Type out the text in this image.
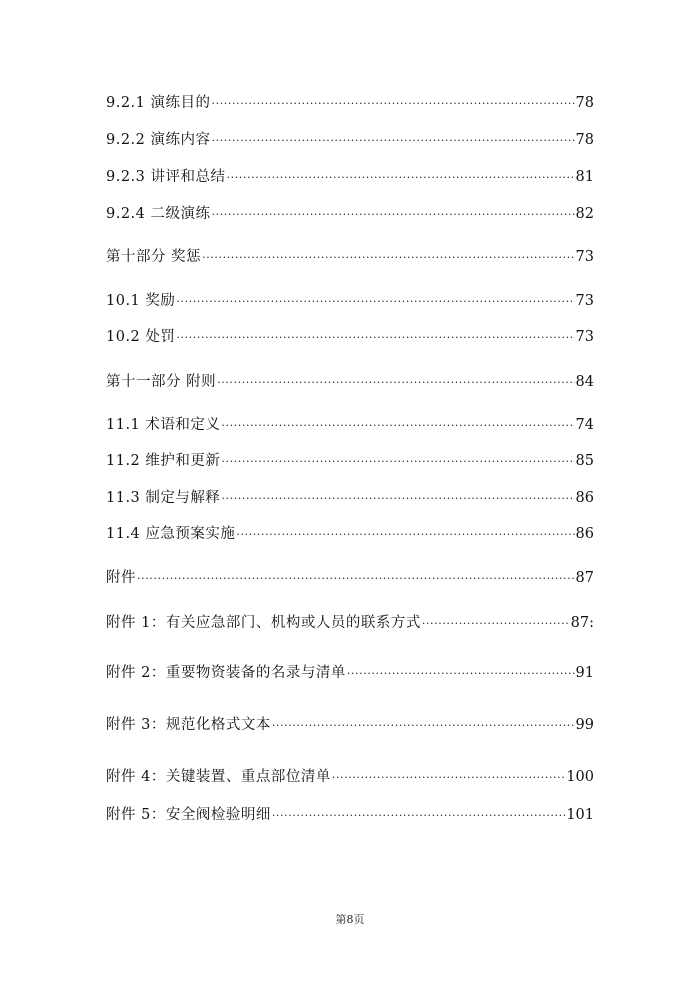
9.2.1 演练目的 ·····	78
9.2.2 演练内容 ·····	78
9.2.3 讲评和总结 ·····	81
9.2.4 二级演练 ·····	82
第十部分 奖惩 ·····	73
10.1 奖励 ·····	73
10.2 处罚 ·····	73
第十一部分 附则 ·····	84
11.1 术语和定义 ·····	74
11.2 维护和更新 ·····	85
11.3 制定与解释 ·····	86
11.4 应急预案实施 ·····	86
附件 ·····	87
附件 1：有关应急部门、机构或人员的联系方式 ·····	87:
附件 2：重要物资装备的名录与清单 ·····	91
附件 3：规范化格式文本 ·····	99
附件 4：关键装置、重点部位清单 ·····	100
附件 5：安全阀检验明细 ·····	101
第8页
